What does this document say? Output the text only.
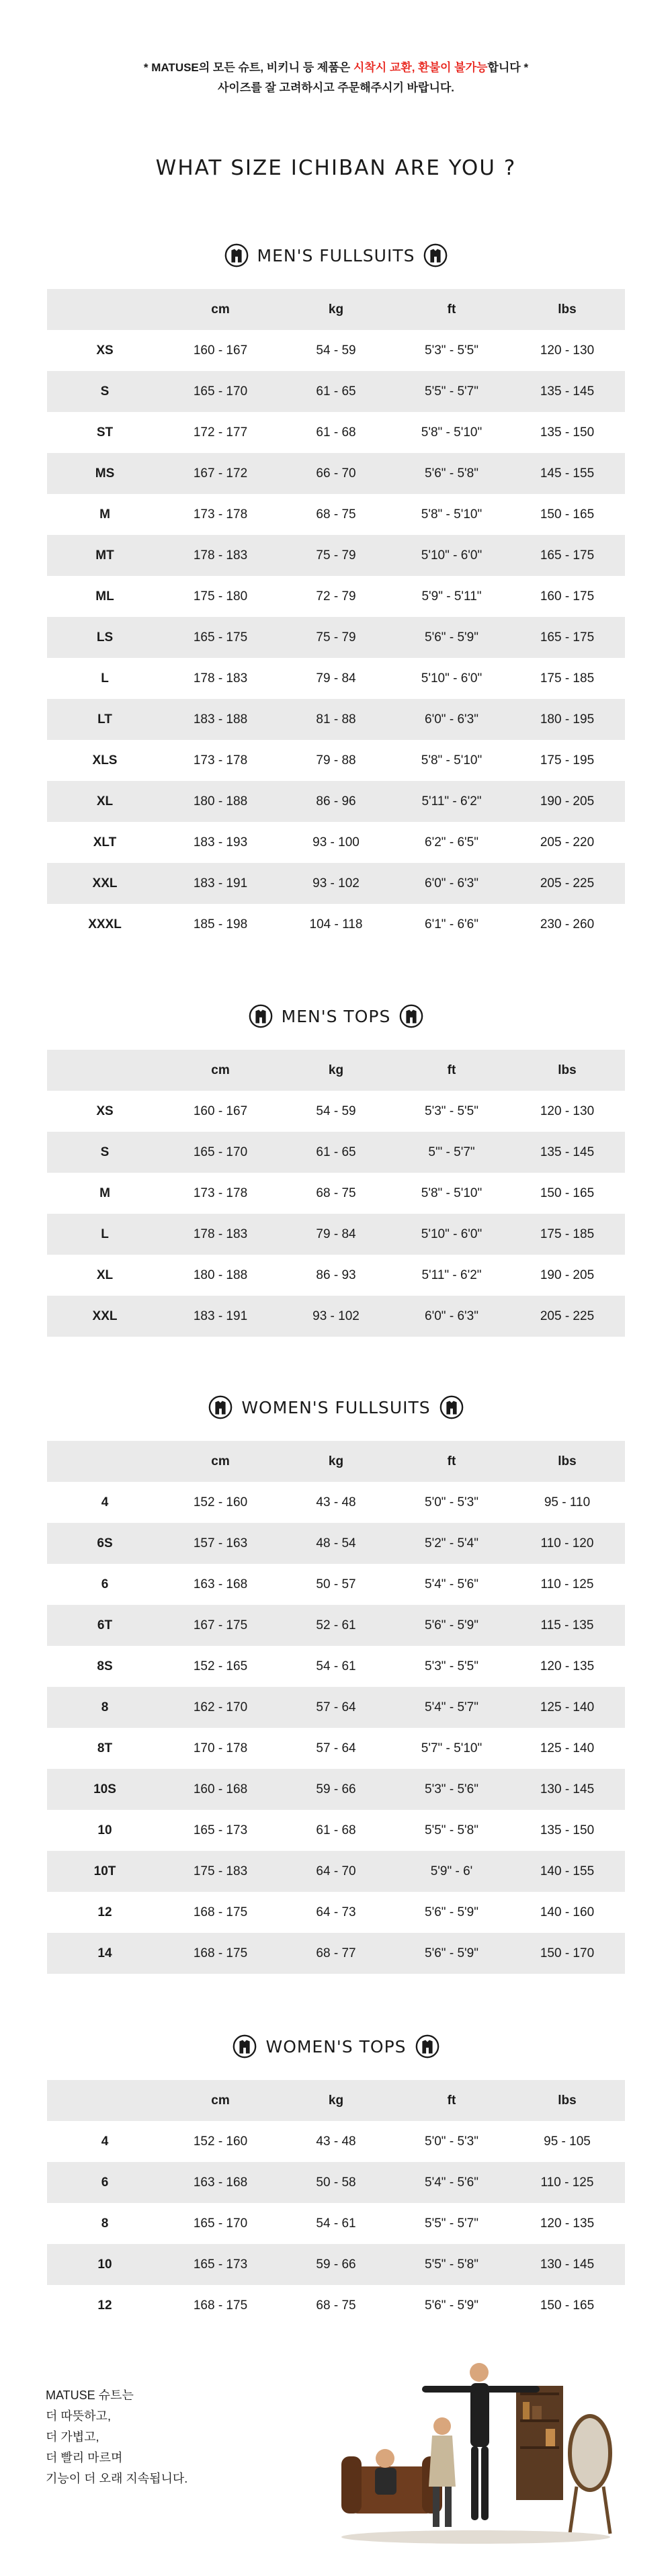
* MATUSE의 모든 슈트, 비키니 등 제품은 시착시 교환, 환불이 불가능합니다 *
사이즈를 잘 고려하시고 주문해주시기 바랍니다.
WHAT SIZE ICHIBAN ARE YOU ?
MEN'S FULLSUITS
	cm	kg	ft	lbs
XS	160 - 167	54 - 59	5'3" - 5'5"	120 - 130
S	165 - 170	61 - 65	5'5" - 5'7"	135 - 145
ST	172 - 177	61 - 68	5'8" - 5'10"	135 - 150
MS	167 - 172	66 - 70	5'6" - 5'8"	145 - 155
M	173 - 178	68 - 75	5'8" - 5'10"	150 - 165
MT	178 - 183	75 - 79	5'10" - 6'0"	165 - 175
ML	175 - 180	72 - 79	5'9" - 5'11"	160 - 175
LS	165 - 175	75 - 79	5'6" - 5'9"	165 - 175
L	178 - 183	79 - 84	5'10" - 6'0"	175 - 185
LT	183 - 188	81 - 88	6'0" - 6'3"	180 - 195
XLS	173 - 178	79 - 88	5'8" - 5'10"	175 - 195
XL	180 - 188	86 - 96	5'11" - 6'2"	190 - 205
XLT	183 - 193	93 - 100	6'2" - 6'5"	205 - 220
XXL	183 - 191	93 - 102	6'0" - 6'3"	205 - 225
XXXL	185 - 198	104 - 118	6'1" - 6'6"	230 - 260
MEN'S TOPS
	cm	kg	ft	lbs
XS	160 - 167	54 - 59	5'3" - 5'5"	120 - 130
S	165 - 170	61 - 65	5'" - 5'7"	135 - 145
M	173 - 178	68 - 75	5'8" - 5'10"	150 - 165
L	178 - 183	79 - 84	5'10" - 6'0"	175 - 185
XL	180 - 188	86 - 93	5'11" - 6'2"	190 - 205
XXL	183 - 191	93 - 102	6'0" - 6'3"	205 - 225
WOMEN'S FULLSUITS
	cm	kg	ft	lbs
4	152 - 160	43 - 48	5'0" - 5'3"	95 - 110
6S	157 - 163	48 - 54	5'2" - 5'4"	110 - 120
6	163 - 168	50 - 57	5'4" - 5'6"	110 - 125
6T	167 - 175	52 - 61	5'6" - 5'9"	115 - 135
8S	152 - 165	54 - 61	5'3" - 5'5"	120 - 135
8	162 - 170	57 - 64	5'4" - 5'7"	125 - 140
8T	170 - 178	57 - 64	5'7" - 5'10"	125 - 140
10S	160 - 168	59 - 66	5'3" - 5'6"	130 - 145
10	165 - 173	61 - 68	5'5" - 5'8"	135 - 150
10T	175 - 183	64 - 70	5'9" - 6'	140 - 155
12	168 - 175	64 - 73	5'6" - 5'9"	140 - 160
14	168 - 175	68 - 77	5'6" - 5'9"	150 - 170
WOMEN'S TOPS
	cm	kg	ft	lbs
4	152 - 160	43 - 48	5'0" - 5'3"	95 - 105
6	163 - 168	50 - 58	5'4" - 5'6"	110 - 125
8	165 - 170	54 - 61	5'5" - 5'7"	120 - 135
10	165 - 173	59 - 66	5'5" - 5'8"	130 - 145
12	168 - 175	68 - 75	5'6" - 5'9"	150 - 165
MATUSE 슈트는
더 따뜻하고,
더 가볍고,
더 빨리 마르며
기능이 더 오래 지속됩니다.
